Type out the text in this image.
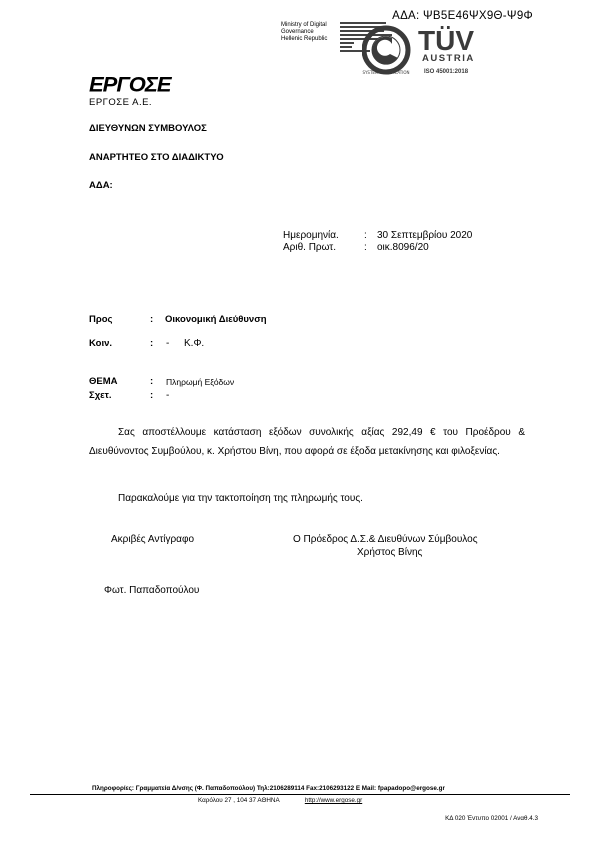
ΑΔΑ: ΨΒ5Ε46ΨΧ9Θ-Ψ9Φ
Ministry of Digital
Governance
Hellenic Republic
SYSTEM CERTIFICATION
TÜV
AUSTRIA
ISO 45001:2018
ΕΡΓΟΣΕ
ΕΡΓΟΣΕ Α.Ε.
ΔΙΕΥΘΥΝΩΝ ΣΥΜΒΟΥΛΟΣ
ΑΝΑΡΤΗΤΕΟ ΣΤΟ ΔΙΑΔΙΚΤΥΟ
ΑΔΑ:
Ημερομηνία.	: 30 Σεπτεμβρίου 2020
Αριθ. Πρωτ.	: οικ.8096/20
Προς	: Οικονομική Διεύθυνση
Κοιν.	: - Κ.Φ.
ΘΕΜΑ	: Πληρωμή Εξόδων
Σχετ.	: -
Σας αποστέλλουμε κατάσταση εξόδων συνολικής αξίας 292,49 € του Προέδρου & Διευθύνοντος Συμβούλου, κ. Χρήστου Βίνη, που αφορά σε έξοδα μετακίνησης και φιλοξενίας.
Παρακαλούμε για την τακτοποίηση της πληρωμής τους.
Ακριβές Αντίγραφο	Ο Πρόεδρος Δ.Σ.& Διευθύνων Σύμβουλος
Χρήστος Βίνης
Φωτ. Παπαδοπούλου
Πληροφορίες: Γραμματεία Δ/νσης (Φ. Παπαδοπούλου) Τηλ:2106289114 Fax:2106293122 E Mail: fpapadopo@ergose.gr
Καρόλου 27 , 104 37 ΑΘΗΝΑ	http://www.ergose.gr
ΚΔ 020 Έντυπο 02001 / Αναθ.4.3
